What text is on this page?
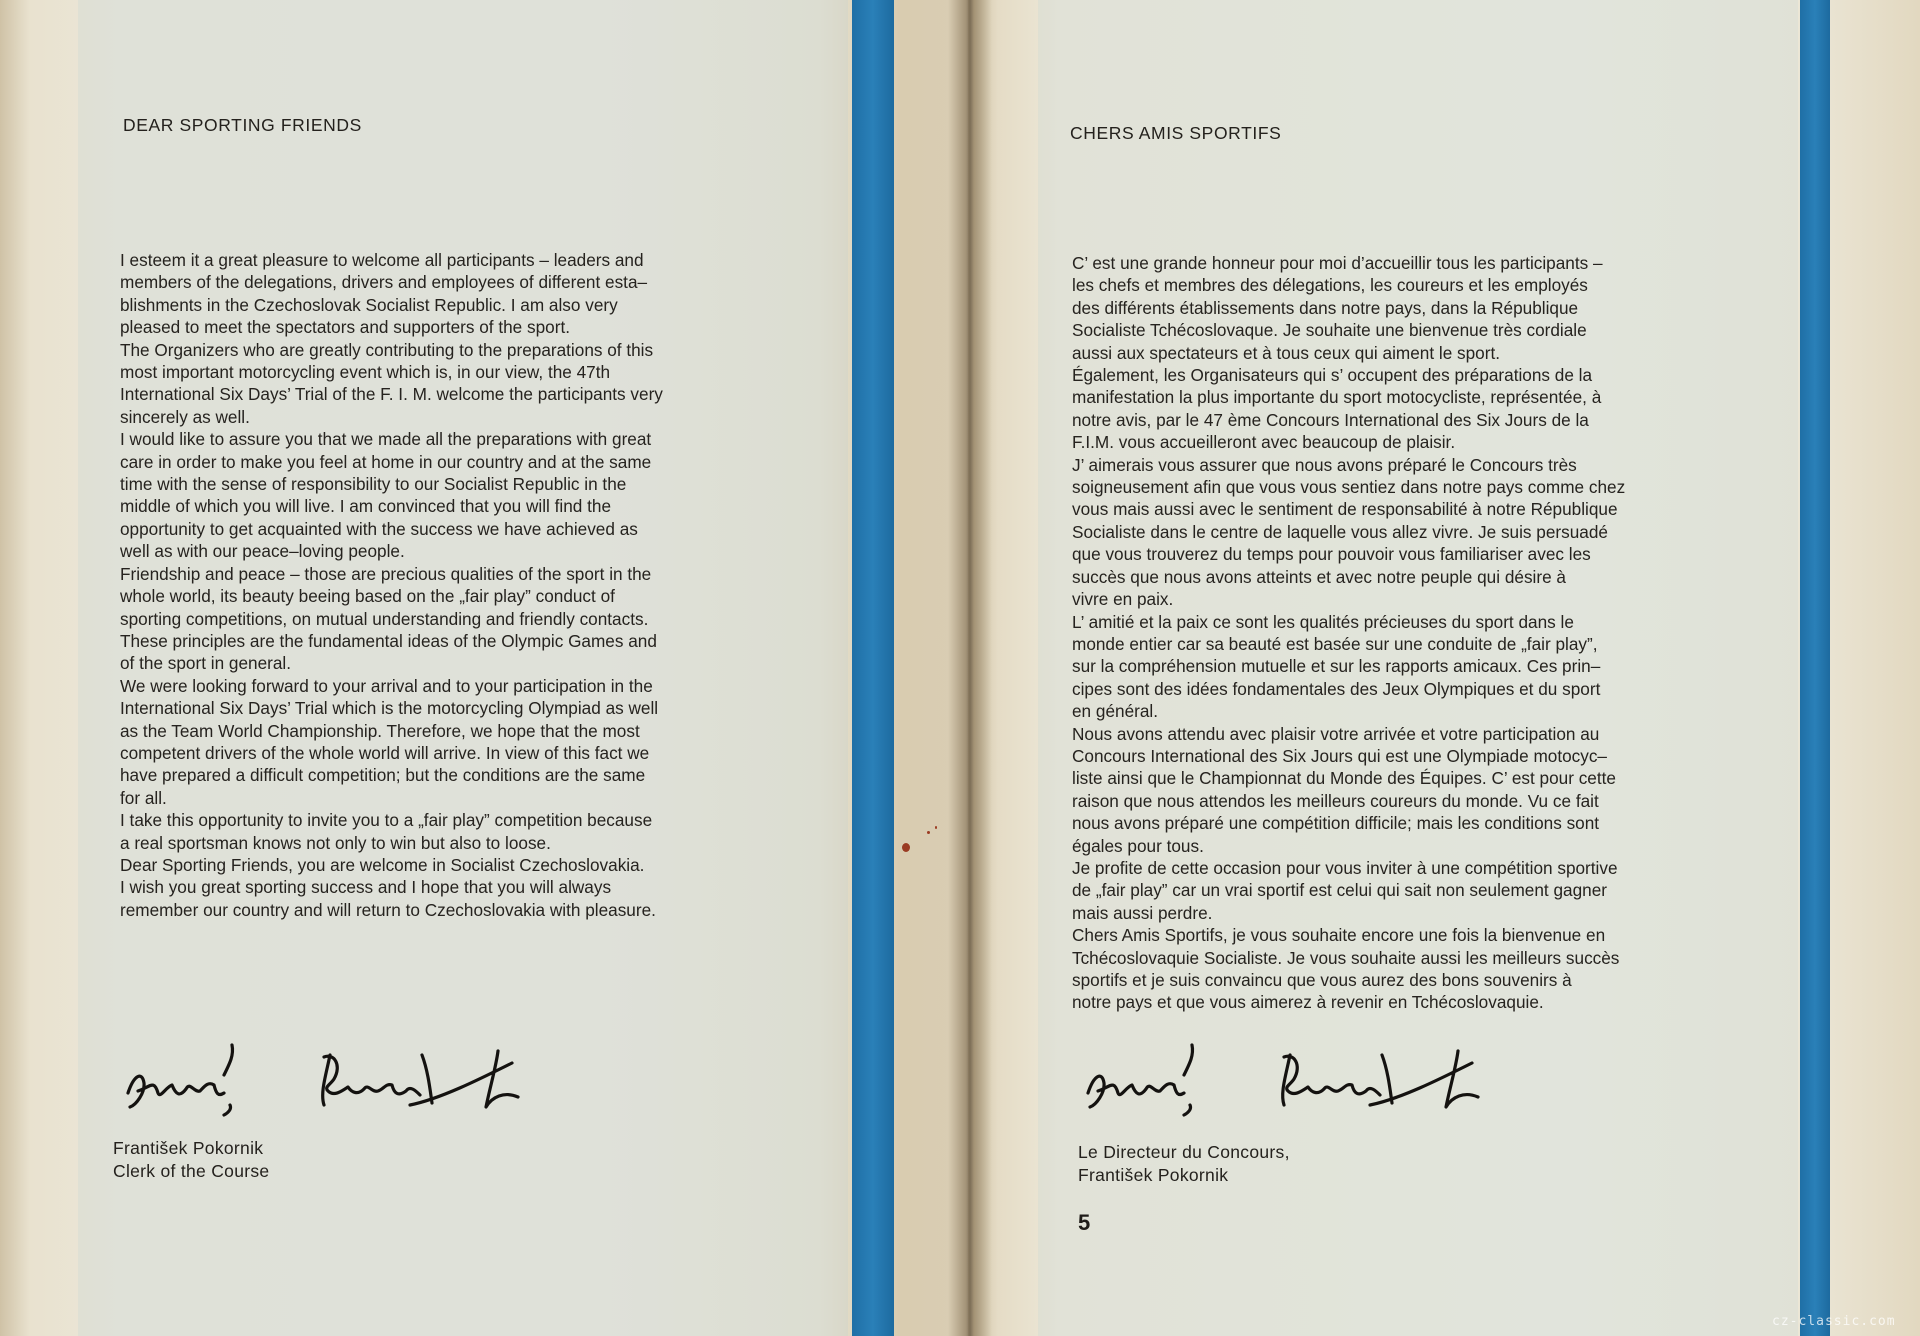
DEAR SPORTING FRIENDS

I esteem it a great pleasure to welcome all participants – leaders and

members of the delegations, drivers and employees of different esta–

blishments in the Czechoslovak Socialist Republic. I am also very

pleased to meet the spectators and supporters of the sport.

The Organizers who are greatly contributing to the preparations of this

most important motorcycling event which is, in our view, the 47th

International Six Days’ Trial of the F. I. M. welcome the participants very

sincerely as well.

I would like to assure you that we made all the preparations with great

care in order to make you feel at home in our country and at the same

time with the sense of responsibility to our Socialist Republic in the

middle of which you will live. I am convinced that you will find the

opportunity to get acquainted with the success we have achieved as

well as with our peace–loving people.

Friendship and peace – those are precious qualities of the sport in the

whole world, its beauty beeing based on the „fair play” conduct of

sporting competitions, on mutual understanding and friendly contacts.

These principles are the fundamental ideas of the Olympic Games and

of the sport in general.

We were looking forward to your arrival and to your participation in the

International Six Days’ Trial which is the motorcycling Olympiad as well

as the Team World Championship. Therefore, we hope that the most

competent drivers of the whole world will arrive. In view of this fact we

have prepared a difficult competition; but the conditions are the same

for all.

I take this opportunity to invite you to a „fair play” competition because

a real sportsman knows not only to win but also to loose.

Dear Sporting Friends, you are welcome in Socialist Czechoslovakia.

I wish you great sporting success and I hope that you will always

remember our country and will return to Czechoslovakia with pleasure.

František Pokornik
Clerk of the Course
CHERS AMIS SPORTIFS

C’ est une grande honneur pour moi d’accueillir tous les participants –

les chefs et membres des délegations, les coureurs et les employés

des différents établissements dans notre pays, dans la République

Socialiste Tchécoslovaque. Je souhaite une bienvenue très cordiale

aussi aux spectateurs et à tous ceux qui aiment le sport.

Également, les Organisateurs qui s’ occupent des préparations de la

manifestation la plus importante du sport motocycliste, représentée, à

notre avis, par le 47 ème Concours International des Six Jours de la

F.I.M. vous accueilleront avec beaucoup de plaisir.

J’ aimerais vous assurer que nous avons préparé le Concours très

soigneusement afin que vous vous sentiez dans notre pays comme chez

vous mais aussi avec le sentiment de responsabilité à notre République

Socialiste dans le centre de laquelle vous allez vivre. Je suis persuadé

que vous trouverez du temps pour pouvoir vous familiariser avec les

succès que nous avons atteints et avec notre peuple qui désire à

vivre en paix.

L’ amitié et la paix ce sont les qualités précieuses du sport dans le

monde entier car sa beauté est basée sur une conduite de „fair play”,

sur la compréhension mutuelle et sur les rapports amicaux. Ces prin–

cipes sont des idées fondamentales des Jeux Olympiques et du sport

en général.

Nous avons attendu avec plaisir votre arrivée et votre participation au

Concours International des Six Jours qui est une Olympiade motocyc–

liste ainsi que le Championnat du Monde des Équipes. C’ est pour cette

raison que nous attendos les meilleurs coureurs du monde. Vu ce fait

nous avons préparé une compétition difficile; mais les conditions sont

égales pour tous.

Je profite de cette occasion pour vous inviter à une compétition sportive

de „fair play” car un vrai sportif est celui qui sait non seulement gagner

mais aussi perdre.

Chers Amis Sportifs, je vous souhaite encore une fois la bienvenue en

Tchécoslovaquie Socialiste. Je vous souhaite aussi les meilleurs succès

sportifs et je suis convaincu que vous aurez des bons souvenirs à

notre pays et que vous aimerez à revenir en Tchécoslovaquie.

Le Directeur du Concours,
František Pokornik
5
cz-classic.com
